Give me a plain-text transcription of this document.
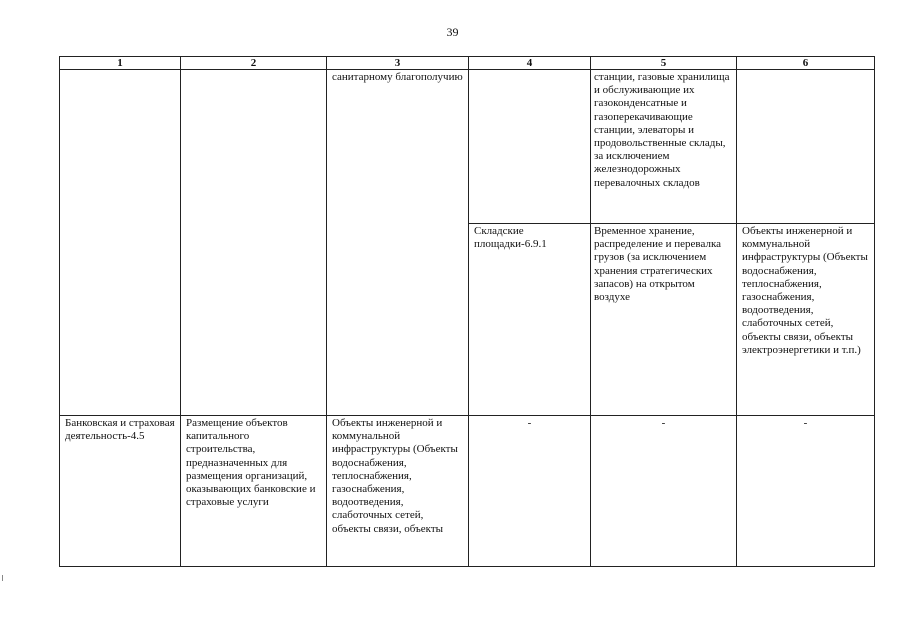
39
1	2	3	4	5	6
		санитарному благополучию		станции, газовые хранилища и обслуживающие их газоконденсатные и газоперекачивающие станции, элеваторы и продовольственные склады, за исключением железнодорожных перевалочных складов	
			Складские площадки-6.9.1	Временное хранение, распределение и перевалка грузов (за исключением хранения стратегических запасов) на открытом воздухе	Объекты инженерной и коммунальной инфраструктуры (Объекты водоснабжения, теплоснабжения, газоснабжения, водоотведения, слаботочных сетей, объекты связи, объекты электроэнергетики и т.п.)
Банковская и страховая деятельность-4.5	Размещение объектов капитального строительства, предназначенных для размещения организаций, оказывающих банковские и страховые услуги	Объекты инженерной и коммунальной инфраструктуры (Объекты водоснабжения, теплоснабжения, газоснабжения, водоотведения, слаботочных сетей, объекты связи, объекты	-	-	-
